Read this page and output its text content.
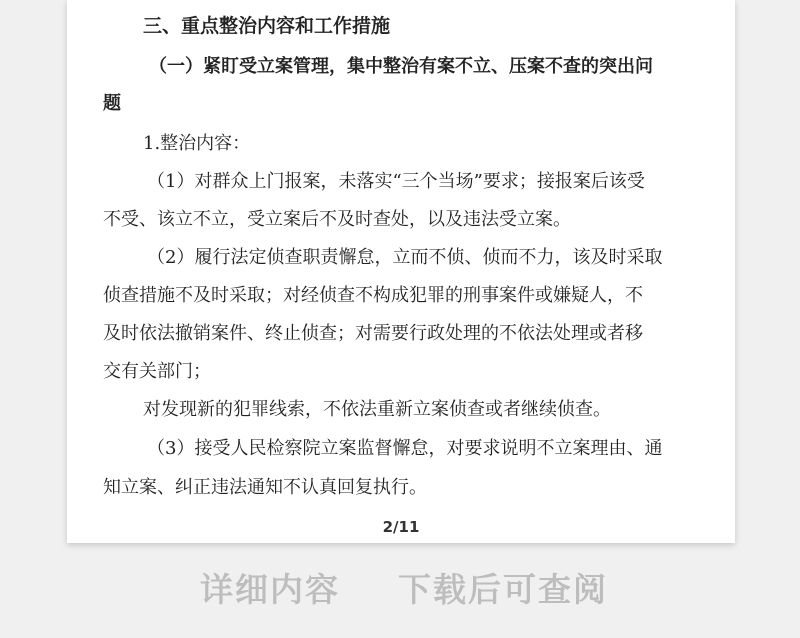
三、重点整治内容和工作措施
（一）紧盯受立案管理，集中整治有案不立、压案不查的突出问
题
1.整治内容：
（1）对群众上门报案，未落实“三个当场”要求；接报案后该受
不受、该立不立，受立案后不及时查处，以及违法受立案。
（2）履行法定侦查职责懈怠，立而不侦、侦而不力，该及时采取
侦查措施不及时采取；对经侦查不构成犯罪的刑事案件或嫌疑人，不
及时依法撤销案件、终止侦查；对需要行政处理的不依法处理或者移
交有关部门；
对发现新的犯罪线索，不依法重新立案侦查或者继续侦查。
（3）接受人民检察院立案监督懈怠，对要求说明不立案理由、通
知立案、纠正违法通知不认真回复执行。
2/11
详细内容 下载后可查阅
